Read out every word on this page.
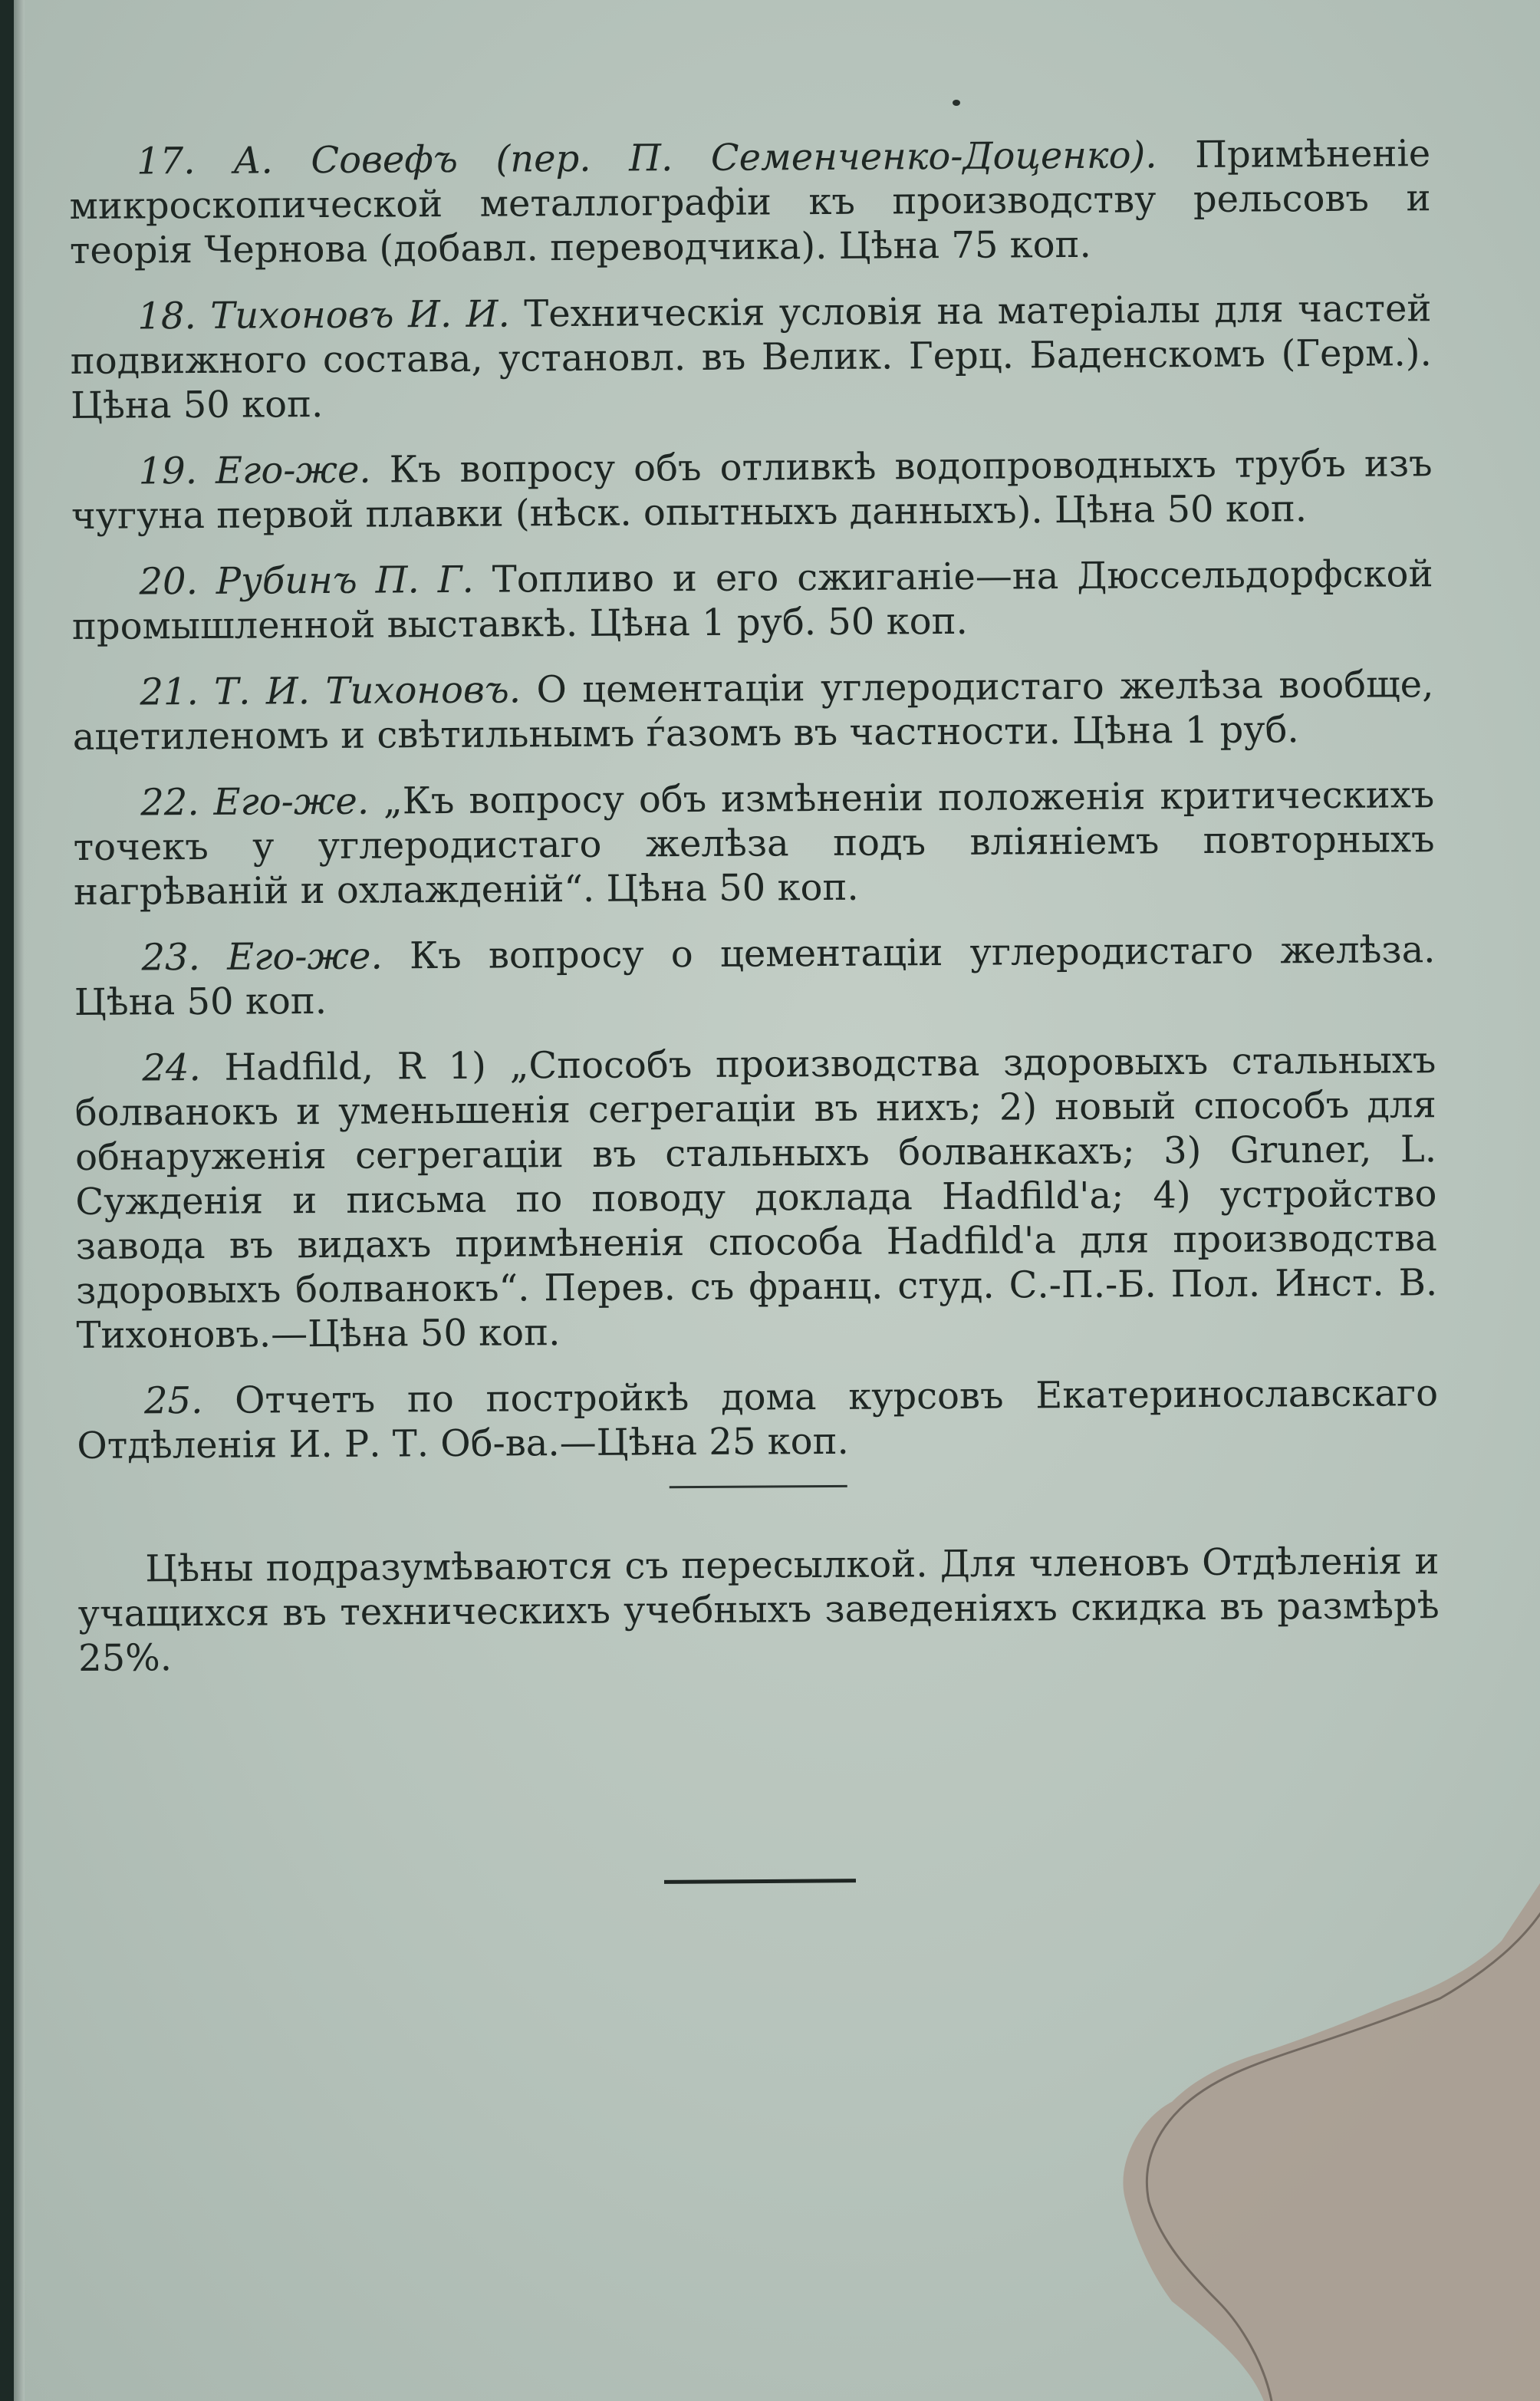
17. А. Совефъ (пер. П. Семенченко-Доценко). Примѣненіе микроскопической металлографіи къ производству рельсовъ и теорія Чернова (добавл. переводчика). Цѣна 75 коп.

18. Тихоновъ И. И. Техническія условія на матеріалы для частей подвижного состава, установл. въ Велик. Герц. Баденскомъ (Герм.). Цѣна 50 коп.

19. Его-же. Къ вопросу объ отливкѣ водопроводныхъ трубъ изъ чугуна первой плавки (нѣск. опытныхъ данныхъ). Цѣна 50 коп.

20. Рубинъ П. Г. Топливо и его сжиганіе—на Дюссельдорфской промышленной выставкѣ. Цѣна 1 руб. 50 коп.

21. Т. И. Тихоновъ. О цементаціи углеродистаго желѣза вообще, ацетиленомъ и свѣтильнымъ ѓазомъ въ частности. Цѣна 1 руб.

22. Его-же. „Къ вопросу объ измѣненіи положенія критическихъ точекъ у углеродистаго желѣза подъ вліяніемъ повторныхъ нагрѣваній и охлажденій“. Цѣна 50 коп.

23. Его-же. Къ вопросу о цементаціи углеродистаго желѣза. Цѣна 50 коп.

24. Hadfild, R 1) „Способъ производства здоровыхъ стальныхъ болванокъ и уменьшенія сегрегаціи въ нихъ; 2) новый способъ для обнаруженія сегрегаціи въ стальныхъ болванкахъ; 3) Gruner, L. Сужденія и письма по поводу доклада Hadfild'а; 4) устройство завода въ видахъ примѣненія способа Hadfild'а для производства здоровыхъ болванокъ“. Перев. съ франц. студ. С.-П.-Б. Пол. Инст. В. Тихоновъ.—Цѣна 50 коп.

25. Отчетъ по постройкѣ дома курсовъ Екатеринославскаго Отдѣленія И. Р. Т. Об-ва.—Цѣна 25 коп.

Цѣны подразумѣваются съ пересылкой. Для членовъ Отдѣленія и учащихся въ техническихъ учебныхъ заведеніяхъ скидка въ размѣрѣ 25%.
